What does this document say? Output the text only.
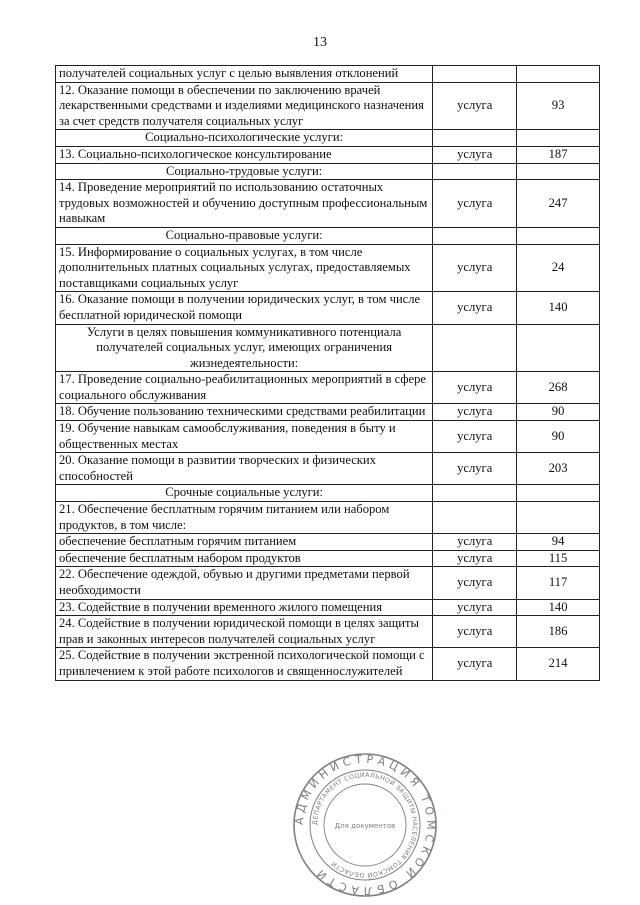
13
получателей социальных услуг с целью выявления отклонений		
12. Оказание помощи в обеспечении по заключению врачей лекарственными средствами и изделиями медицинского назначения за счет средств получателя социальных услуг	услуга	93
Социально-психологические услуги:		
13. Социально-психологическое консультирование	услуга	187
Социально-трудовые услуги:		
14. Проведение мероприятий по использованию остаточных трудовых возможностей и обучению доступным профессиональным навыкам	услуга	247
Социально-правовые услуги:		
15. Информирование о социальных услугах, в том числе дополнительных платных социальных услугах, предоставляемых поставщиками социальных услуг	услуга	24
16. Оказание помощи в получении юридических услуг, в том числе бесплатной юридической помощи	услуга	140
Услуги в целях повышения коммуникативного потенциала получателей социальных услуг, имеющих ограничения жизнедеятельности:		
17. Проведение социально-реабилитационных мероприятий в сфере социального обслуживания	услуга	268
18. Обучение пользованию техническими средствами реабилитации	услуга	90
19. Обучение навыкам самообслуживания, поведения в быту и общественных местах	услуга	90
20. Оказание помощи в развитии творческих и физических способностей	услуга	203
Срочные социальные услуги:		
21. Обеспечение бесплатным горячим питанием или набором продуктов, в том числе:		
обеспечение бесплатным горячим питанием	услуга	94
обеспечение бесплатным набором продуктов	услуга	115
22. Обеспечение одеждой, обувью и другими предметами первой необходимости	услуга	117
23. Содействие в получении временного жилого помещения	услуга	140
24. Содействие в получении юридической помощи в целях защиты прав и законных интересов получателей социальных услуг	услуга	186
25. Содействие в получении экстренной психологической помощи с привлечением к этой работе психологов и священнослужителей	услуга	214
АДМИНИСТРАЦИЯ ТОМСКОЙ ОБЛАСТИ
ДЕПАРТАМЕНТ СОЦИАЛЬНОЙ ЗАЩИТЫ НАСЕЛЕНИЯ ТОМСКОЙ ОБЛАСТИ
Для документов
